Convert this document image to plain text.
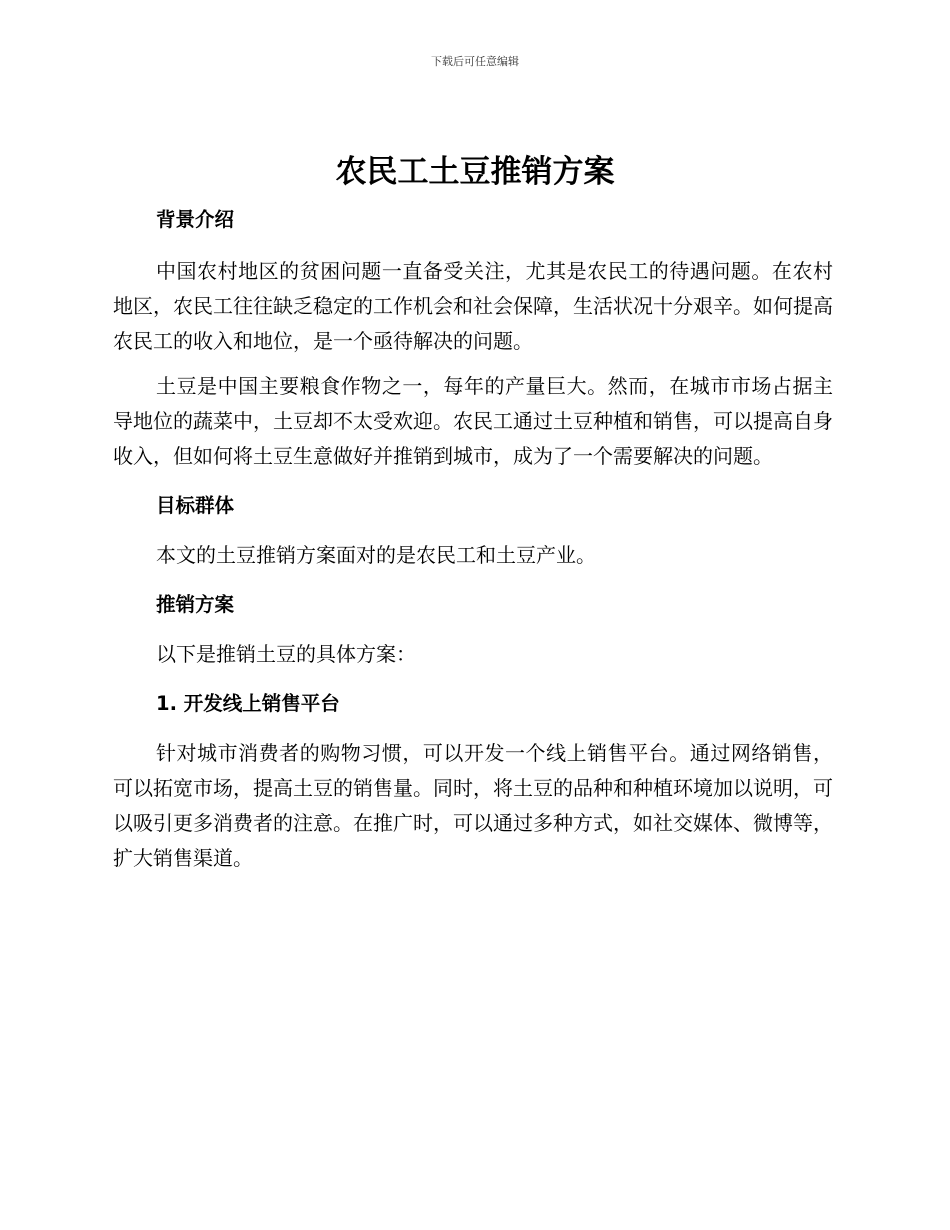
下载后可任意编辑
农民工土豆推销方案
背景介绍

中国农村地区的贫困问题一直备受关注，尤其是农民工的待遇问题。在农村地区，农民工往往缺乏稳定的工作机会和社会保障，生活状况十分艰辛。如何提高农民工的收入和地位，是一个亟待解决的问题。

土豆是中国主要粮食作物之一，每年的产量巨大。然而，在城市市场占据主导地位的蔬菜中，土豆却不太受欢迎。农民工通过土豆种植和销售，可以提高自身收入，但如何将土豆生意做好并推销到城市，成为了一个需要解决的问题。

目标群体

本文的土豆推销方案面对的是农民工和土豆产业。

推销方案

以下是推销土豆的具体方案：

1. 开发线上销售平台

针对城市消费者的购物习惯，可以开发一个线上销售平台。通过网络销售，可以拓宽市场，提高土豆的销售量。同时，将土豆的品种和种植环境加以说明，可以吸引更多消费者的注意。在推广时，可以通过多种方式，如社交媒体、微博等，扩大销售渠道。
